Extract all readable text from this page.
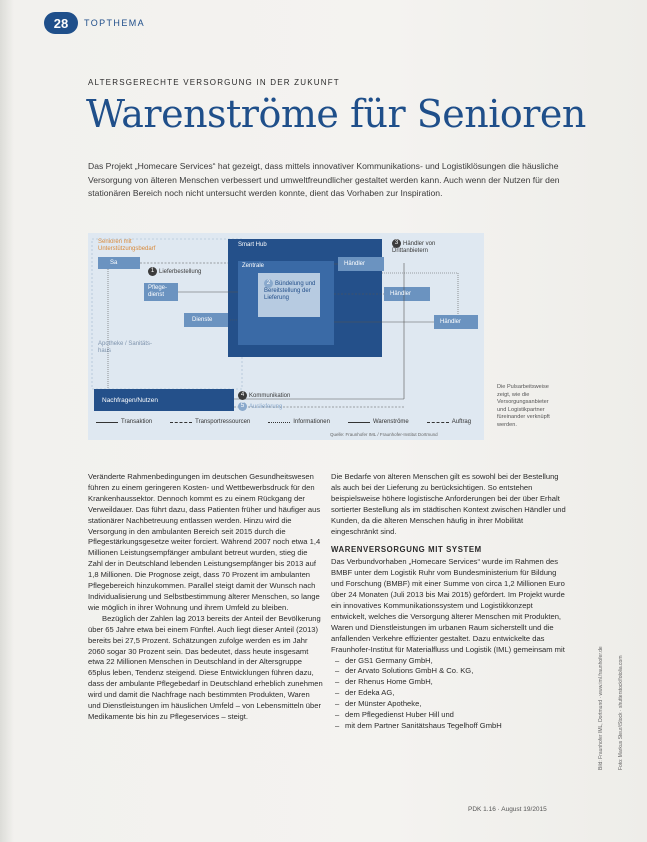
28	TOPTHEMA
ALTERSGERECHTE VERSORGUNG IN DER ZUKUNFT
Warenströme für Senioren
Das Projekt „Homecare Services“ hat gezeigt, dass mittels innovativer Kommunikations- und Logistiklösungen die häusliche Versorgung von älteren Menschen verbessert und umweltfreundlicher gestaltet werden kann. Auch wenn der Nutzen für den stationären Bereich noch nicht untersucht werden konnte, dient das Vorhaben zur Inspiration.
Senioren mit Unterstützungsbedarf
Sa
1 Lieferbestellung
Pflege-dienst
Dienste
Apotheke / Sanitäts-haus
Smart Hub
Zentrale
2 Bündelung und Bereitstellung der Lieferung
3 Händler von Drittanbietern
Händler
Händler
Händler
Nachfragen/Nutzen
4 Kommunikation
5 Auslieferung
Transaktion	Transportressourcen	Informationen	Warenströme	Auftrag
Quelle: Fraunhofer IML / Fraunhofer-Institut Dortmund
Die Pulsarbeitsweise zeigt, wie die Versorgungsanbieter und Logistikpartner füreinander verknüpft werden.

Veränderte Rahmenbedingungen im deutschen Gesundheitswesen führen zu einem geringeren Kosten- und Wettbewerbsdruck für den Krankenhaussektor. Dennoch kommt es zu einem Rückgang der Verweildauer. Das führt dazu, dass Patienten früher und häufiger aus stationärer Nachbetreuung entlassen werden. Hinzu wird die Versorgung in den ambulanten Bereich seit 2015 durch die Pflegestärkungsgesetze weiter forciert. Während 2007 noch etwa 1,4 Millionen Leistungsempfänger ambulant betreut wurden, stieg die Zahl der in Deutschland lebenden Leistungsempfänger bis 2013 auf 1,8 Millionen. Die Prognose zeigt, dass 70 Prozent im ambulanten Pflegebereich hinzukommen. Parallel steigt damit der Wunsch nach Individualisierung und Selbstbestimmung älterer Menschen, so lange wie möglich in ihrer Wohnung und ihrem Umfeld zu bleiben.

Bezüglich der Zahlen lag 2013 bereits der Anteil der Bevölkerung über 65 Jahre etwa bei einem Fünftel. Auch liegt dieser Anteil (2013) bereits bei 27,5 Prozent. Schätzungen zufolge werden es im Jahr 2060 sogar 30 Prozent sein. Das bedeutet, dass heute insgesamt etwa 22 Millionen Menschen in Deutschland in der Altersgruppe 65plus leben, Tendenz steigend. Diese Entwicklungen führen dazu, dass der ambulante Pflegebedarf in Deutschland erheblich zunehmen wird und damit die Nachfrage nach bestimmten Produkten, Waren und Dienstleistungen im häuslichen Umfeld – von Lebensmitteln über Medikamente bis hin zu Pflegeservices – steigt.

Die Bedarfe von älteren Menschen gilt es sowohl bei der Bestellung als auch bei der Lieferung zu berücksichtigen. So entstehen beispielsweise höhere logistische Anforderungen bei der über Erhalt sortierter Bestellung als im städtischen Kontext zwischen Händler und Kunden, da die älteren Menschen häufig in ihrer Mobilität eingeschränkt sind.

WARENVERSORGUNG MIT SYSTEM

Das Verbundvorhaben „Homecare Services“ wurde im Rahmen des BMBF unter dem Logistik Ruhr vom Bundesministerium für Bildung und Forschung (BMBF) mit einer Summe von circa 1,2 Millionen Euro über 24 Monaten (Juli 2013 bis Mai 2015) gefördert. Im Projekt wurde ein innovatives Kommunikationssystem und Logistikkonzept entwickelt, welches die Versorgung älterer Menschen mit Produkten, Waren und Dienstleistungen im urbanen Raum sicherstellt und die anfallenden Verkehre effizienter gestaltet. Dazu entwickelte das Fraunhofer-Institut für Materialfluss und Logistik (IML) gemeinsam mit

– der GS1 Germany GmbH,
– der Arvato Solutions GmbH & Co. KG,
– der Rhenus Home GmbH,
– der Edeka AG,
– der Münster Apotheke,
– dem Pflegedienst Huber Hill und
– mit dem Partner Sanitätshaus Tegelhoff GmbH
PDK 1.16 · August 19/2015
Bild: Fraunhofer IML, Dortmund · www.iml.fraunhofer.de	Foto: Markus Steur/iStock · shutterstock/fotolia.com
